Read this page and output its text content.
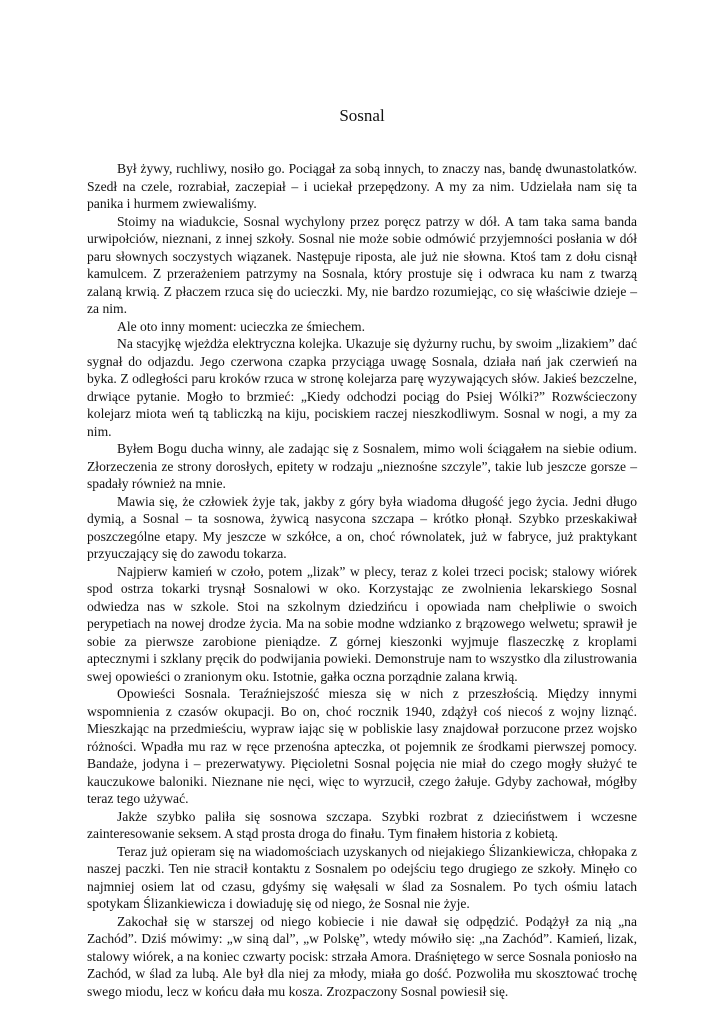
Sosnal

Był żywy, ruchliwy, nosiło go. Pociągał za sobą innych, to znaczy nas, bandę dwunastolatków. Szedł na czele, rozrabiał, zaczepiał – i uciekał przepędzony. A my za nim. Udzielała nam się ta panika i hurmem zwiewaliśmy.

Stoimy na wiadukcie, Sosnal wychylony przez poręcz patrzy w dół. A tam taka sama banda urwipołciów, nieznani, z innej szkoły. Sosnal nie może sobie odmówić przyjemności posłania w dół paru słownych soczystych wiązanek. Następuje riposta, ale już nie słowna. Ktoś tam z dołu cisnął kamulcem. Z przerażeniem patrzymy na Sosnala, który prostuje się i odwraca ku nam z twarzą zalaną krwią. Z płaczem rzuca się do ucieczki. My, nie bardzo rozumiejąc, co się właściwie dzieje – za nim.

Ale oto inny moment: ucieczka ze śmiechem.

Na stacyjkę wjeżdża elektryczna kolejka. Ukazuje się dyżurny ruchu, by swoim „lizakiem” dać sygnał do odjazdu. Jego czerwona czapka przyciąga uwagę Sosnala, działa nań jak czerwień na byka. Z odległości paru kroków rzuca w stronę kolejarza parę wyzywających słów. Jakieś bezczelne, drwiące pytanie. Mogło to brzmieć: „Kiedy odchodzi pociąg do Psiej Wólki?” Rozwścieczony kolejarz miota weń tą tabliczką na kiju, pociskiem raczej nieszkodliwym. Sosnal w nogi, a my za nim.

Byłem Bogu ducha winny, ale zadając się z Sosnalem, mimo woli ściągałem na siebie odium. Złorzeczenia ze strony dorosłych, epitety w rodzaju „nieznośne szczyle”, takie lub jeszcze gorsze – spadały również na mnie.

Mawia się, że człowiek żyje tak, jakby z góry była wiadoma długość jego życia. Jedni długo dymią, a Sosnal – ta sosnowa, żywicą nasycona szczapa – krótko płonął. Szybko przeskakiwał poszczególne etapy. My jeszcze w szkółce, a on, choć równolatek, już w fabryce, już praktykant przyuczający się do zawodu tokarza.

Najpierw kamień w czoło, potem „lizak” w plecy, teraz z kolei trzeci pocisk; stalowy wiórek spod ostrza tokarki trysnął Sosnalowi w oko. Korzystając ze zwolnienia lekarskiego Sosnal odwiedza nas w szkole. Stoi na szkolnym dziedzińcu i opowiada nam chełpliwie o swoich perypetiach na nowej drodze życia. Ma na sobie modne wdzianko z brązowego welwetu; sprawił je sobie za pierwsze zarobione pieniądze. Z górnej kieszonki wyjmuje flaszeczkę z kroplami aptecznymi i szklany pręcik do podwijania powieki. Demonstruje nam to wszystko dla zilustrowania swej opowieści o zranionym oku. Istotnie, gałka oczna porządnie zalana krwią.

Opowieści Sosnala. Teraźniejszość miesza się w nich z przeszłością. Między innymi wspomnienia z czasów okupacji. Bo on, choć rocznik 1940, zdążył coś niecoś z wojny liznąć. Mieszkając na przedmieściu, wypraw iając się w pobliskie lasy znajdował porzucone przez wojsko różności. Wpadła mu raz w ręce przenośna apteczka, ot pojemnik ze środkami pierwszej pomocy. Bandaże, jodyna i – prezerwatywy. Pięcioletni Sosnal pojęcia nie miał do czego mogły służyć te kauczukowe baloniki. Nieznane nie nęci, więc to wyrzucił, czego żałuje. Gdyby zachował, mógłby teraz tego używać.

Jakże szybko paliła się sosnowa szczapa. Szybki rozbrat z dzieciństwem i wczesne zainteresowanie seksem. A stąd prosta droga do finału. Tym finałem historia z kobietą.

Teraz już opieram się na wiadomościach uzyskanych od niejakiego Ślizankiewicza, chłopaka z naszej paczki. Ten nie stracił kontaktu z Sosnalem po odejściu tego drugiego ze szkoły. Minęło co najmniej osiem lat od czasu, gdyśmy się wałęsali w ślad za Sosnalem. Po tych ośmiu latach spotykam Ślizankiewicza i dowiaduję się od niego, że Sosnal nie żyje.

Zakochał się w starszej od niego kobiecie i nie dawał się odpędzić. Podążył za nią „na Zachód”. Dziś mówimy: „w siną dal”, „w Polskę”, wtedy mówiło się: „na Zachód”. Kamień, lizak, stalowy wiórek, a na koniec czwarty pocisk: strzała Amora. Draśniętego w serce Sosnala poniosło na Zachód, w ślad za lubą. Ale był dla niej za młody, miała go dość. Pozwoliła mu skosztować trochę swego miodu, lecz w końcu dała mu kosza. Zrozpaczony Sosnal powiesił się.
